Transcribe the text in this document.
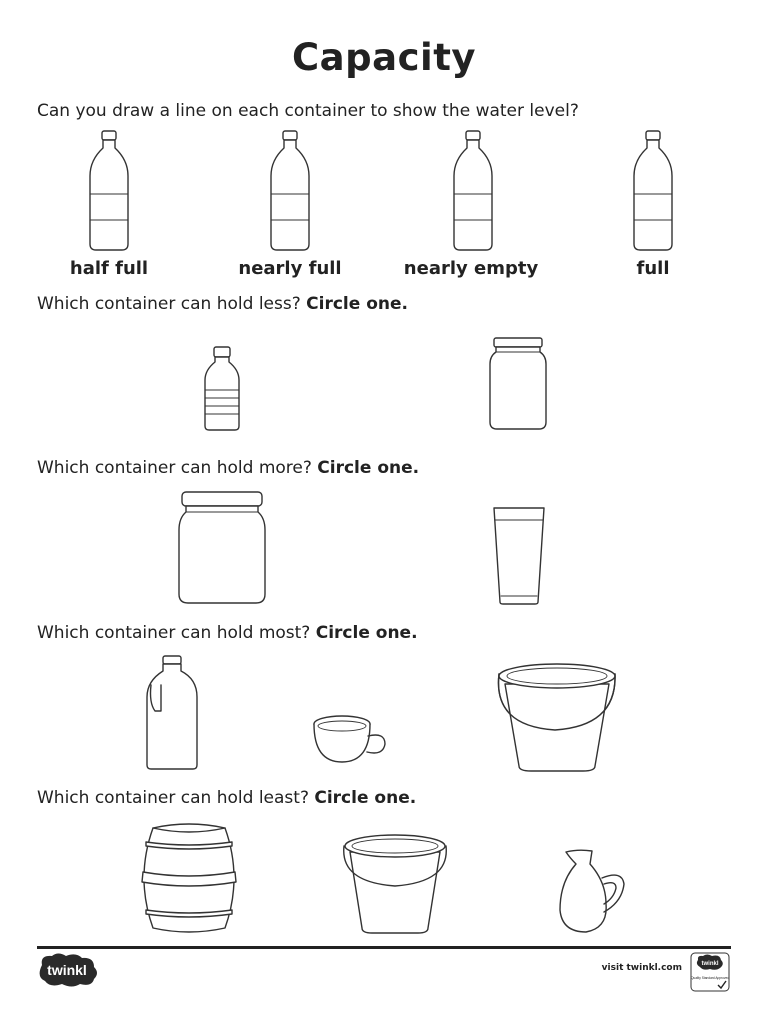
Capacity
Can you draw a line on each container to show the water level?
half full	nearly full	nearly empty	full
Which container can hold less? Circle one.
Which container can hold more? Circle one.
Which container can hold most? Circle one.
Which container can hold least? Circle one.
twinkl	visit twinkl.com	twinkl
Quality Standard Approved
